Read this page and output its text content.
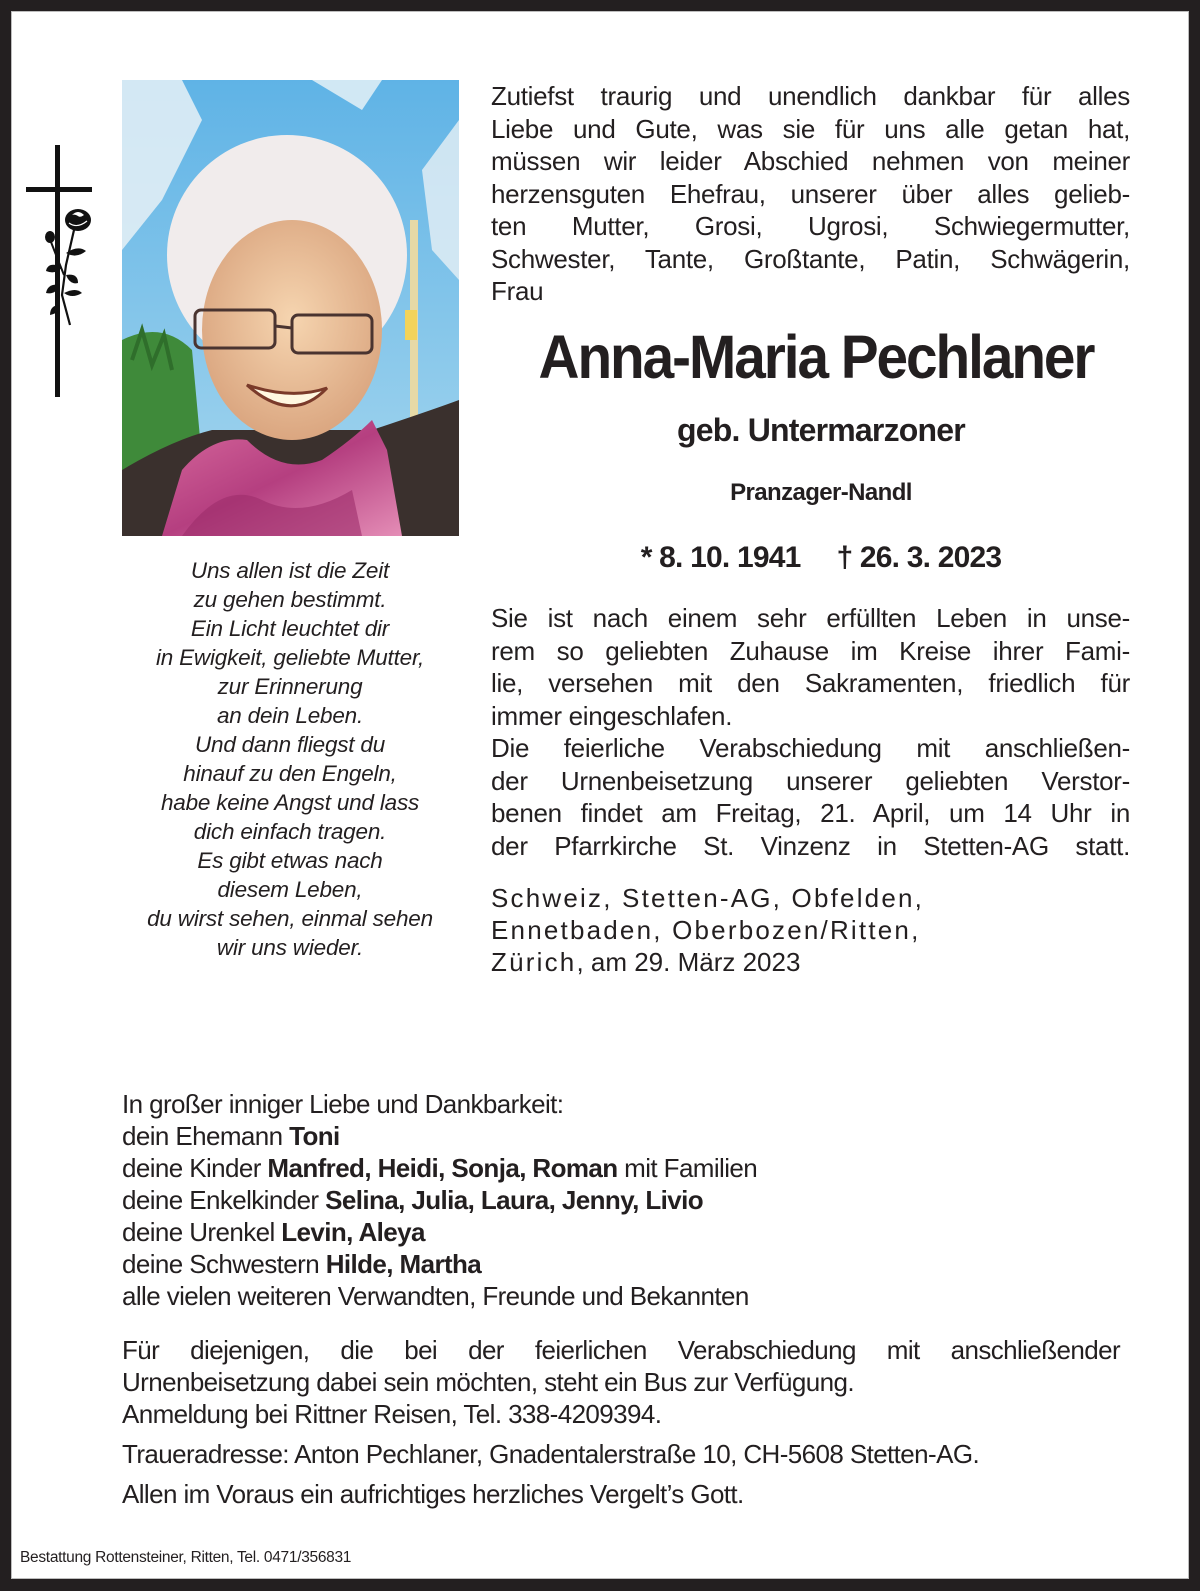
Uns allen ist die Zeit
zu gehen bestimmt.
Ein Licht leuchtet dir
in Ewigkeit, geliebte Mutter,
zur Erinnerung
an dein Leben.
Und dann fliegst du
hinauf zu den Engeln,
habe keine Angst und lass
dich einfach tragen.
Es gibt etwas nach
diesem Leben,
du wirst sehen, einmal sehen
wir uns wieder.
Zutiefst traurig und unendlich dankbar für alles
Liebe und Gute, was sie für uns alle getan hat,
müssen wir leider Abschied nehmen von meiner
herzensguten Ehefrau, unserer über alles gelieb-
ten Mutter, Grosi, Ugrosi, Schwiegermutter,
Schwester, Tante, Großtante, Patin, Schwägerin,
Frau
Anna-Maria Pechlaner
geb. Untermarzoner
Pranzager-Nandl
* 8. 10. 1941 † 26. 3. 2023
Sie ist nach einem sehr erfüllten Leben in unse-
rem so geliebten Zuhause im Kreise ihrer Fami-
lie, versehen mit den Sakramenten, friedlich für
immer eingeschlafen.
Die feierliche Verabschiedung mit anschließen-
der Urnenbeisetzung unserer geliebten Verstor-
benen findet am Freitag, 21. April, um 14 Uhr in
der Pfarrkirche St. Vinzenz in Stetten-AG statt.
Schweiz, Stetten-AG, Obfelden,
Ennetbaden, Oberbozen/Ritten,
Zürich, am 29. März 2023
In großer inniger Liebe und Dankbarkeit:
dein Ehemann Toni
deine Kinder Manfred, Heidi, Sonja, Roman mit Familien
deine Enkelkinder Selina, Julia, Laura, Jenny, Livio
deine Urenkel Levin, Aleya
deine Schwestern Hilde, Martha
alle vielen weiteren Verwandten, Freunde und Bekannten
Für diejenigen, die bei der feierlichen Verabschiedung mit anschließender
Urnenbeisetzung dabei sein möchten, steht ein Bus zur Verfügung.
Anmeldung bei Rittner Reisen, Tel. 338-4209394.
Traueradresse: Anton Pechlaner, Gnadentalerstraße 10, CH-5608 Stetten-AG.
Allen im Voraus ein aufrichtiges herzliches Vergelt’s Gott.
Bestattung Rottensteiner, Ritten, Tel. 0471/356831
